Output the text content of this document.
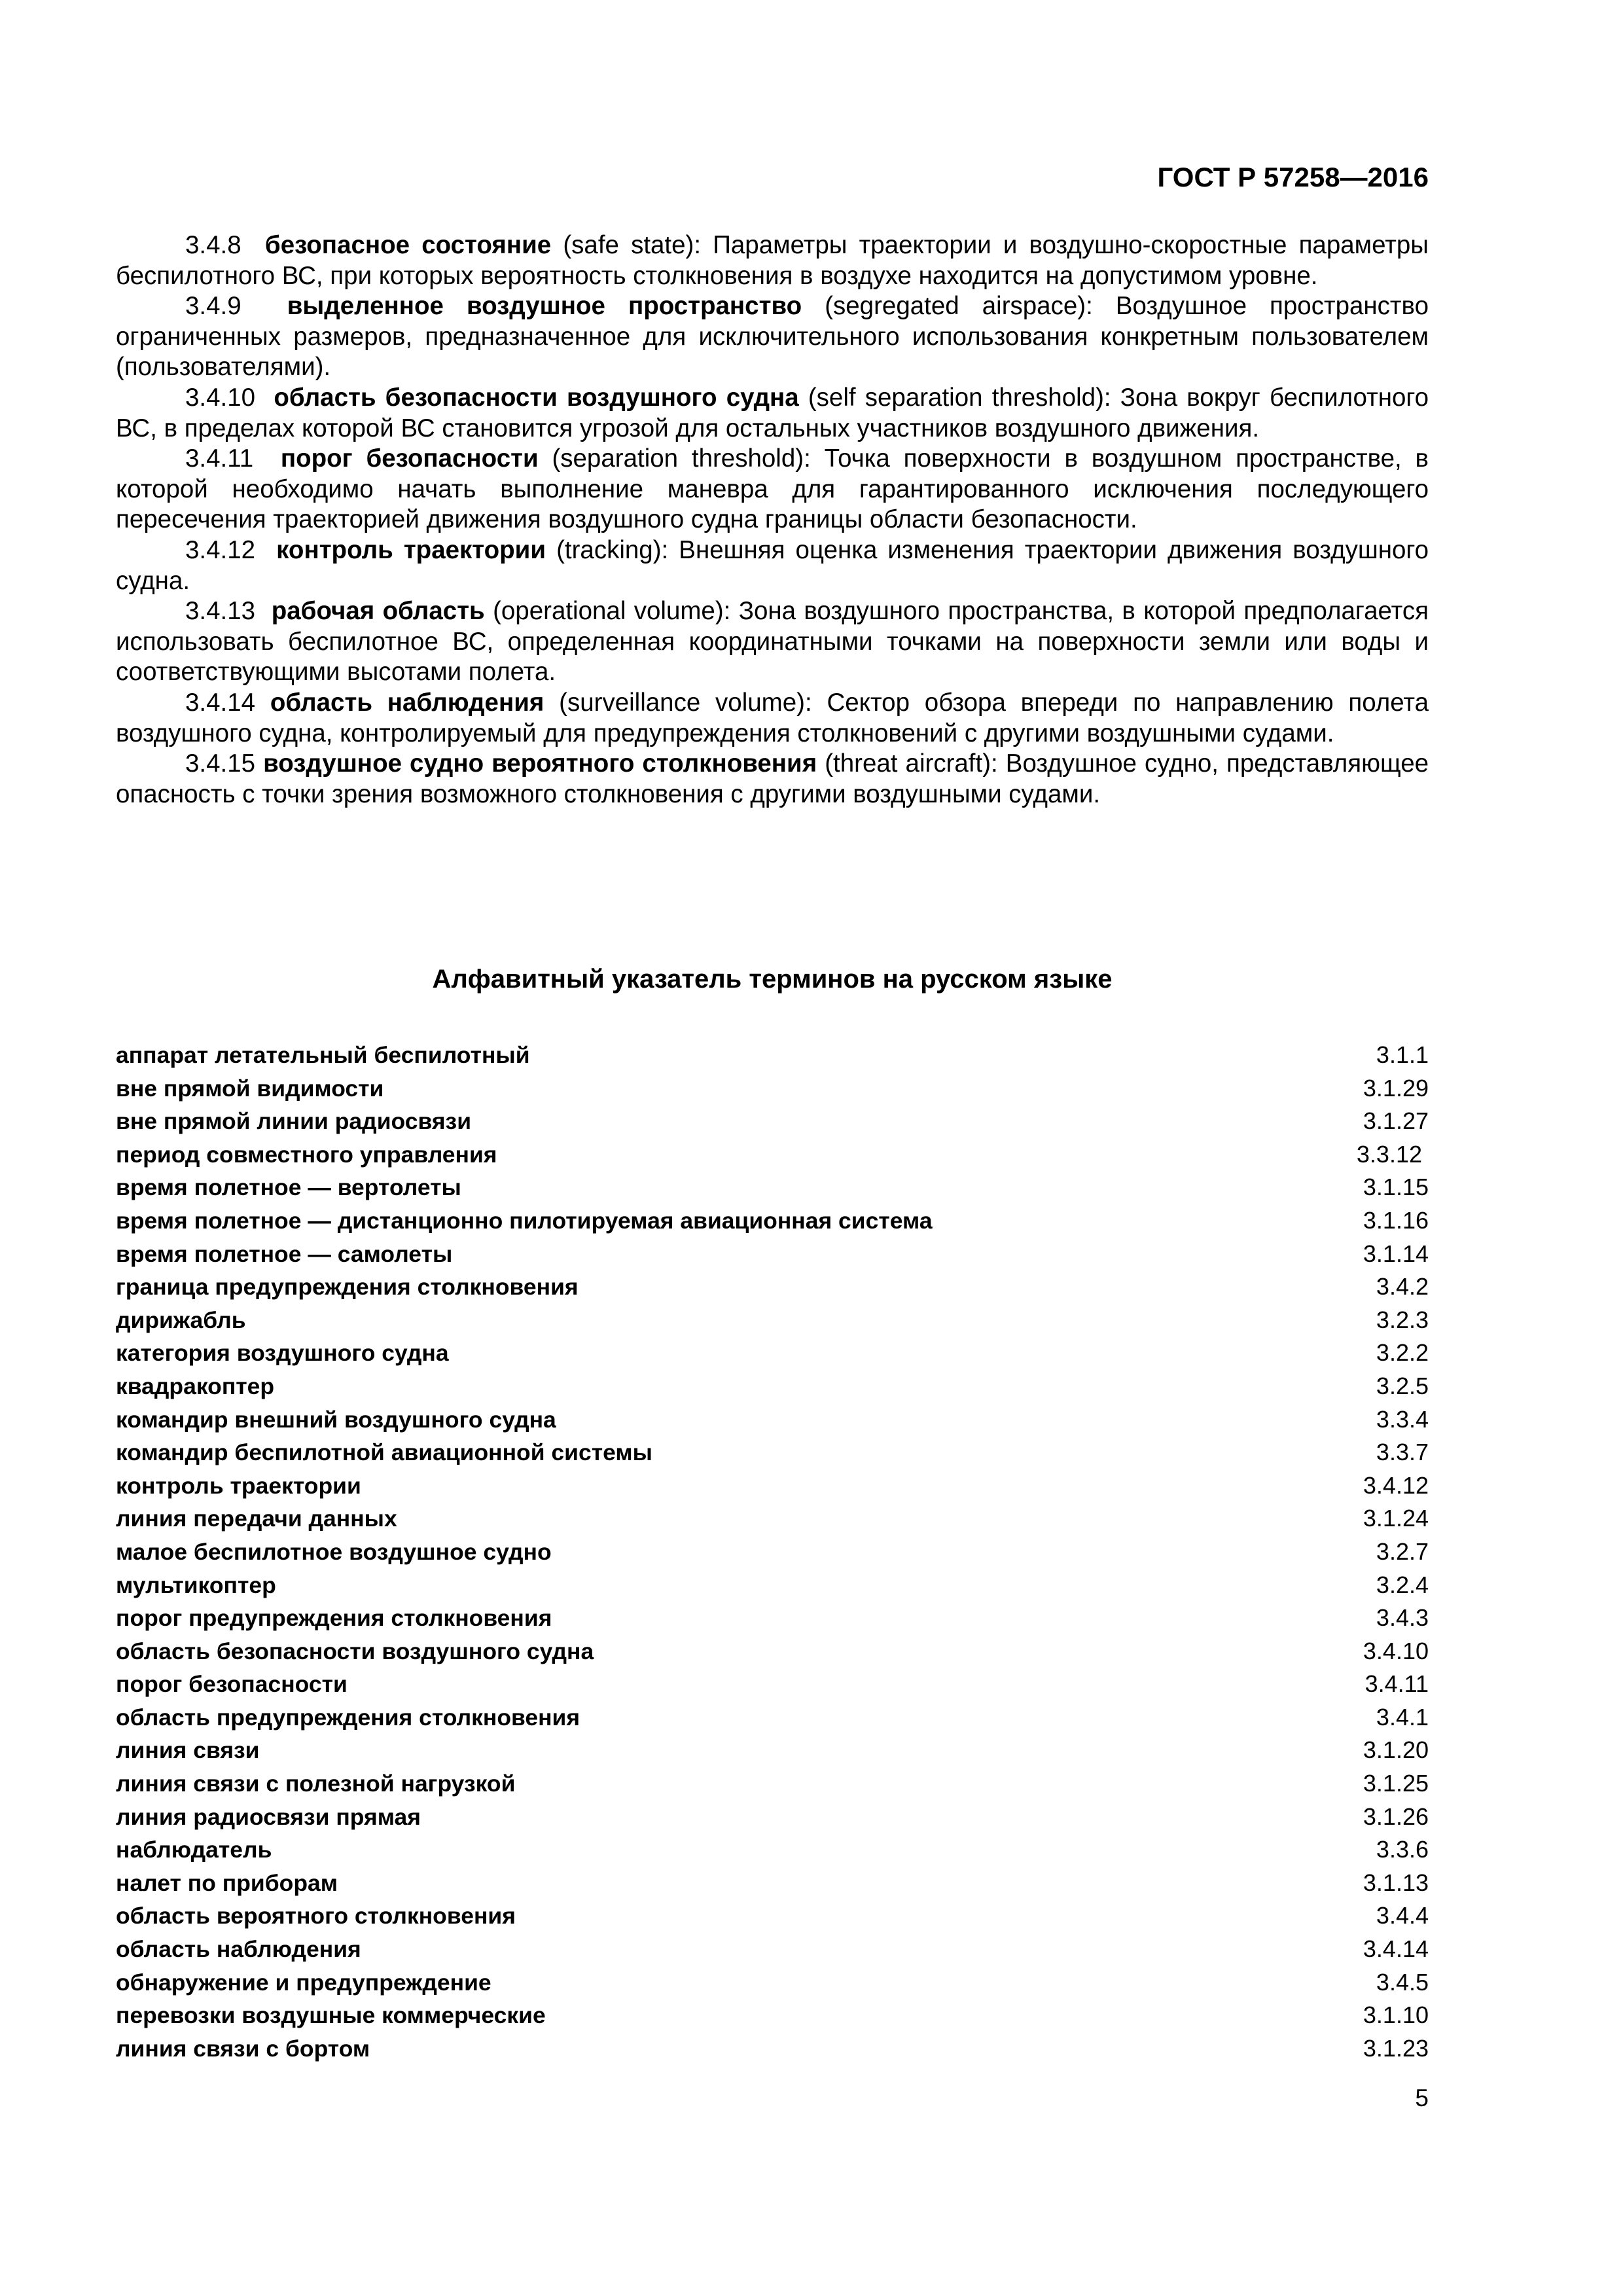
ГОСТ Р 57258—2016

3.4.8 безопасное состояние (safe state): Параметры траектории и воздушно-скоростные параметры беспилотного ВС, при которых вероятность столкновения в воздухе находится на допустимом уровне.

3.4.9 выделенное воздушное пространство (segregated airspace): Воздушное пространство ограниченных размеров, предназначенное для исключительного использования конкретным пользователем (пользователями).

3.4.10 область безопасности воздушного судна (self separation threshold): Зона вокруг беспилотного ВС, в пределах которой ВС становится угрозой для остальных участников воздушного движения.

3.4.11 порог безопасности (separation threshold): Точка поверхности в воздушном пространстве, в которой необходимо начать выполнение маневра для гарантированного исключения последующего пересечения траекторией движения воздушного судна границы области безопасности.

3.4.12 контроль траектории (tracking): Внешняя оценка изменения траектории движения воздушного судна.

3.4.13 рабочая область (operational volume): Зона воздушного пространства, в которой предполагается использовать беспилотное ВС, определенная координатными точками на поверхности земли или воды и соответствующими высотами полета.

3.4.14 область наблюдения (surveillance volume): Сектор обзора впереди по направлению полета воздушного судна, контролируемый для предупреждения столкновений с другими воздушными судами.

3.4.15 воздушное судно вероятного столкновения (threat aircraft): Воздушное судно, представляющее опасность с точки зрения возможного столкновения с другими воздушными судами.

Алфавитный указатель терминов на русском языке
аппарат летательный беспилотный	3.1.1
вне прямой видимости	3.1.29
вне прямой линии радиосвязи	3.1.27
период совместного управления	3.3.12
время полетное — вертолеты	3.1.15
время полетное — дистанционно пилотируемая авиационная система	3.1.16
время полетное — самолеты	3.1.14
граница предупреждения столкновения	3.4.2
дирижабль	3.2.3
категория воздушного судна	3.2.2
квадракоптер	3.2.5
командир внешний воздушного судна	3.3.4
командир беспилотной авиационной системы	3.3.7
контроль траектории	3.4.12
линия передачи данных	3.1.24
малое беспилотное воздушное судно	3.2.7
мультикоптер	3.2.4
порог предупреждения столкновения	3.4.3
область безопасности воздушного судна	3.4.10
порог безопасности	3.4.11
область предупреждения столкновения	3.4.1
линия связи	3.1.20
линия связи с полезной нагрузкой	3.1.25
линия радиосвязи прямая	3.1.26
наблюдатель	3.3.6
налет по приборам	3.1.13
область вероятного столкновения	3.4.4
область наблюдения	3.4.14
обнаружение и предупреждение	3.4.5
перевозки воздушные коммерческие	3.1.10
линия связи с бортом	3.1.23
5
